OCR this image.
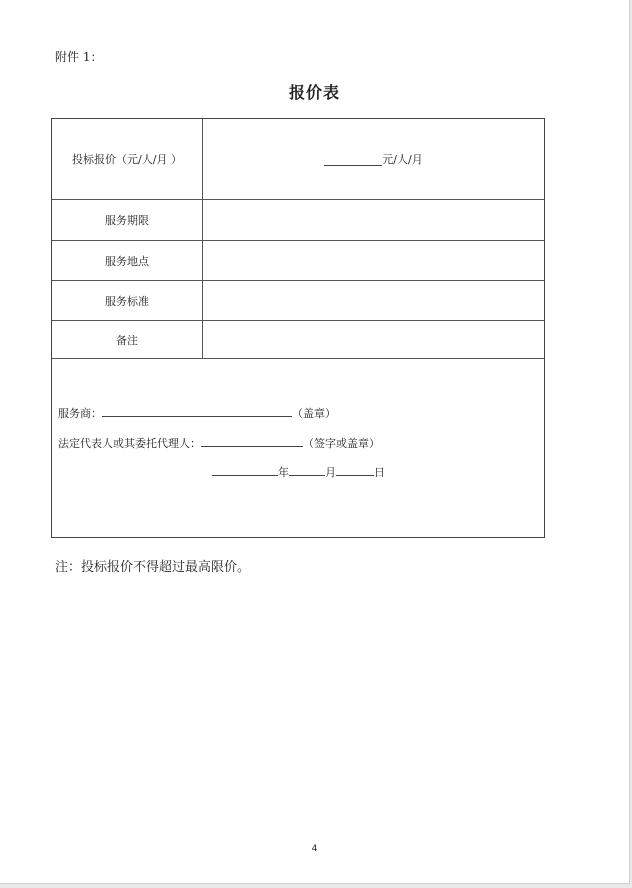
附件 1：
报价表
投标报价（元/人/月 ）	元/人/月
服务期限
服务地点
服务标准
备注
服务商：	（盖章）
法定代表人或其委托代理人：	（签字或盖章）
年	月	日
注：投标报价不得超过最高限价。
4
